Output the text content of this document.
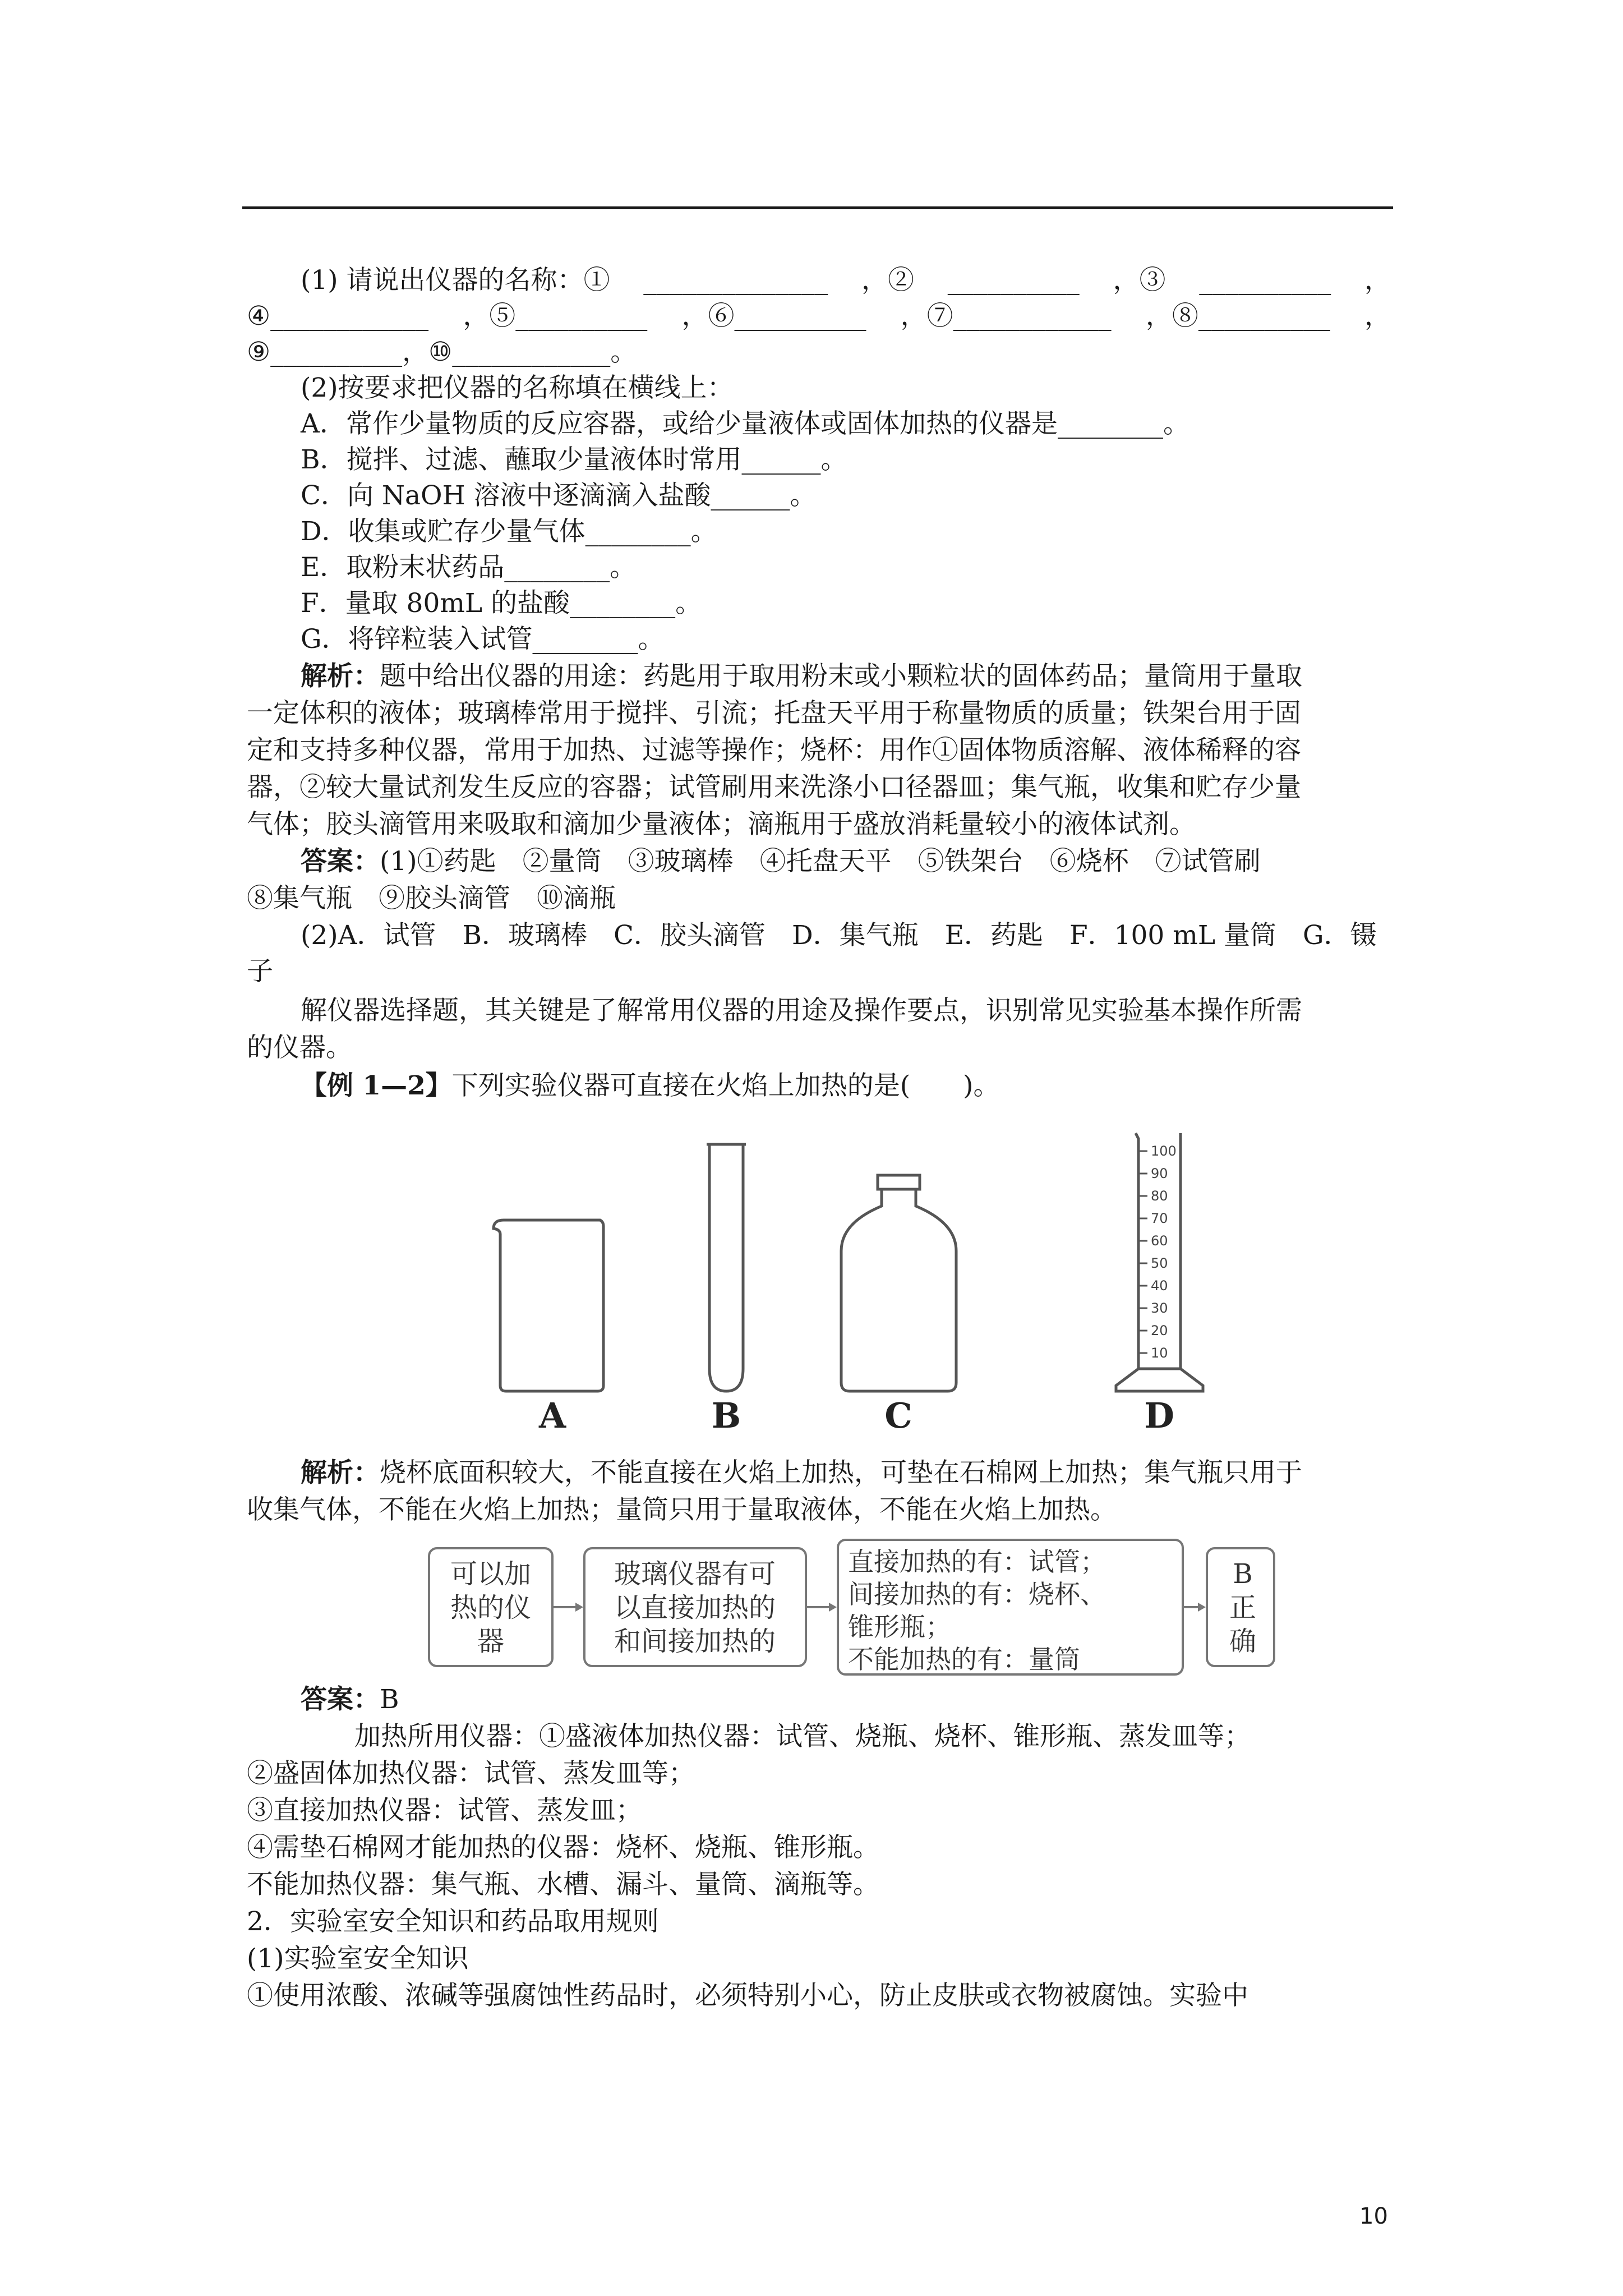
(1) 请说出仪器的名称：① ______________ ，② __________ ，③ __________ ，
④____________ ，⑤__________ ，⑥__________ ，⑦____________ ，⑧__________ ，
⑨__________，⑩____________。
(2)按要求把仪器的名称填在横线上：
A．常作少量物质的反应容器，或给少量液体或固体加热的仪器是________。
B．搅拌、过滤、蘸取少量液体时常用______。
C．向 NaOH 溶液中逐滴滴入盐酸______。
D．收集或贮存少量气体________。
E．取粉末状药品________。
F．量取 80mL 的盐酸________。
G．将锌粒装入试管________。
解析：题中给出仪器的用途：药匙用于取用粉末或小颗粒状的固体药品；量筒用于量取
一定体积的液体；玻璃棒常用于搅拌、引流；托盘天平用于称量物质的质量；铁架台用于固
定和支持多种仪器，常用于加热、过滤等操作；烧杯：用作①固体物质溶解、液体稀释的容
器，②较大量试剂发生反应的容器；试管刷用来洗涤小口径器皿；集气瓶，收集和贮存少量
气体；胶头滴管用来吸取和滴加少量液体；滴瓶用于盛放消耗量较小的液体试剂。
答案：(1)①药匙　②量筒　③玻璃棒　④托盘天平　⑤铁架台　⑥烧杯　⑦试管刷
⑧集气瓶　⑨胶头滴管　⑩滴瓶
(2)A．试管　B．玻璃棒　C．胶头滴管　D．集气瓶　E．药匙　F．100 mL 量筒　G．镊
子
解仪器选择题，其关键是了解常用仪器的用途及操作要点，识别常见实验基本操作所需
的仪器。
【例 1—2】下列实验仪器可直接在火焰上加热的是(　　)。
100
90
80
70
60
50
40
30
20
10
A	B	C	D
解析：烧杯底面积较大，不能直接在火焰上加热，可垫在石棉网上加热；集气瓶只用于
收集气体，不能在火焰上加热；量筒只用于量取液体，不能在火焰上加热。
可以加
热的仪
器
玻璃仪器有可
以直接加热的
和间接加热的
B
正
确
直接加热的有：试管；
间接加热的有：烧杯、
锥形瓶；
不能加热的有：量筒
答案：B
加热所用仪器：①盛液体加热仪器：试管、烧瓶、烧杯、锥形瓶、蒸发皿等；
②盛固体加热仪器：试管、蒸发皿等；
③直接加热仪器：试管、蒸发皿；
④需垫石棉网才能加热的仪器：烧杯、烧瓶、锥形瓶。
不能加热仪器：集气瓶、水槽、漏斗、量筒、滴瓶等。
2．实验室安全知识和药品取用规则
(1)实验室安全知识
①使用浓酸、浓碱等强腐蚀性药品时，必须特别小心，防止皮肤或衣物被腐蚀。实验中
10
